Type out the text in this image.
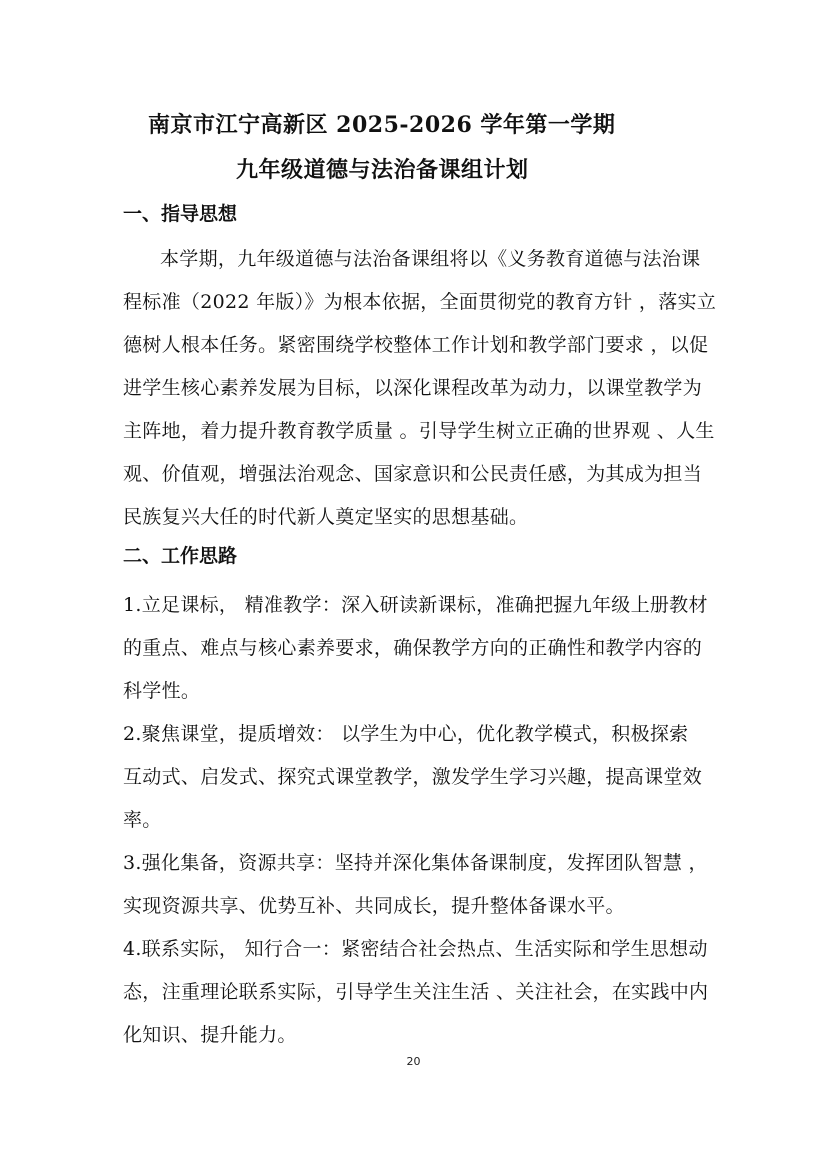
南京市江宁高新区 2025-2026 学年第一学期
九年级道德与法治备课组计划
一、指导思想
本学期，九年级道德与法治备课组将以《义务教育道德与法治课
程标准（2022 年版）》为根本依据，全面贯彻党的教育方针 ，落实立
德树人根本任务。紧密围绕学校整体工作计划和教学部门要求 ，以促
进学生核心素养发展为目标，以深化课程改革为动力，以课堂教学为
主阵地，着力提升教育教学质量 。引导学生树立正确的世界观 、人生
观、价值观，增强法治观念、国家意识和公民责任感，为其成为担当
民族复兴大任的时代新人奠定坚实的思想基础。
二、工作思路
1.立足课标， 精准教学：深入研读新课标，准确把握九年级上册教材
的重点、难点与核心素养要求，确保教学方向的正确性和教学内容的
科学性。
2.聚焦课堂，提质增效： 以学生为中心，优化教学模式，积极探索
互动式、启发式、探究式课堂教学，激发学生学习兴趣，提高课堂效
率。
3.强化集备，资源共享：坚持并深化集体备课制度，发挥团队智慧 ，
实现资源共享、优势互补、共同成长，提升整体备课水平。
4.联系实际， 知行合一：紧密结合社会热点、生活实际和学生思想动
态，注重理论联系实际，引导学生关注生活 、关注社会，在实践中内
化知识、提升能力。
20
